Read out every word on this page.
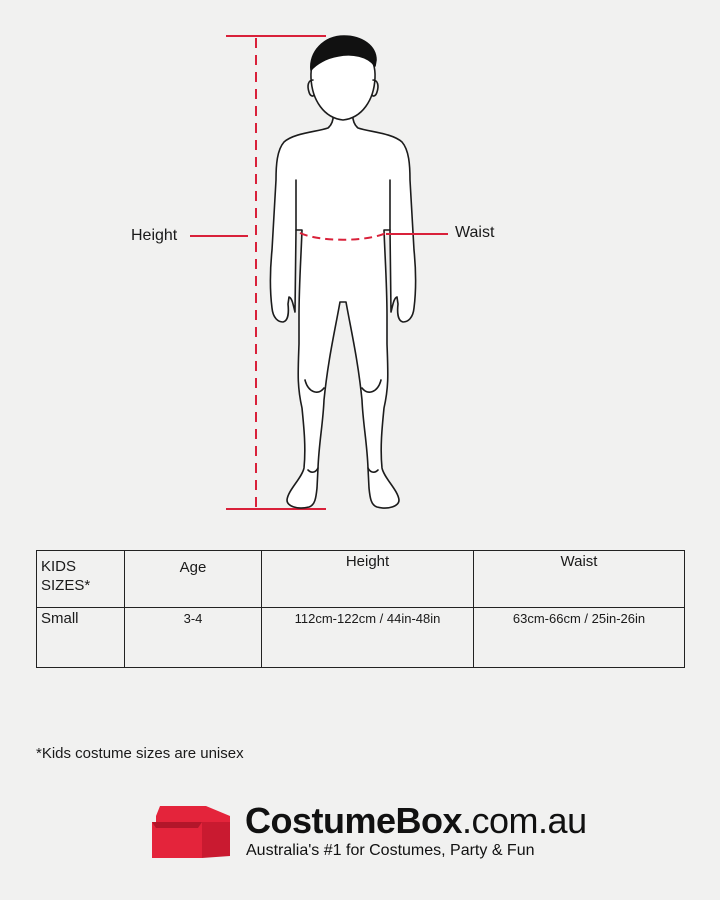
Height	Waist
KIDS
SIZES*	Age	Height	Waist
Small	3-4	112cm-122cm / 44in-48in	63cm-66cm / 25in-26in
*Kids costume sizes are unisex
CostumeBox.com.au
Australia's #1 for Costumes, Party & Fun
